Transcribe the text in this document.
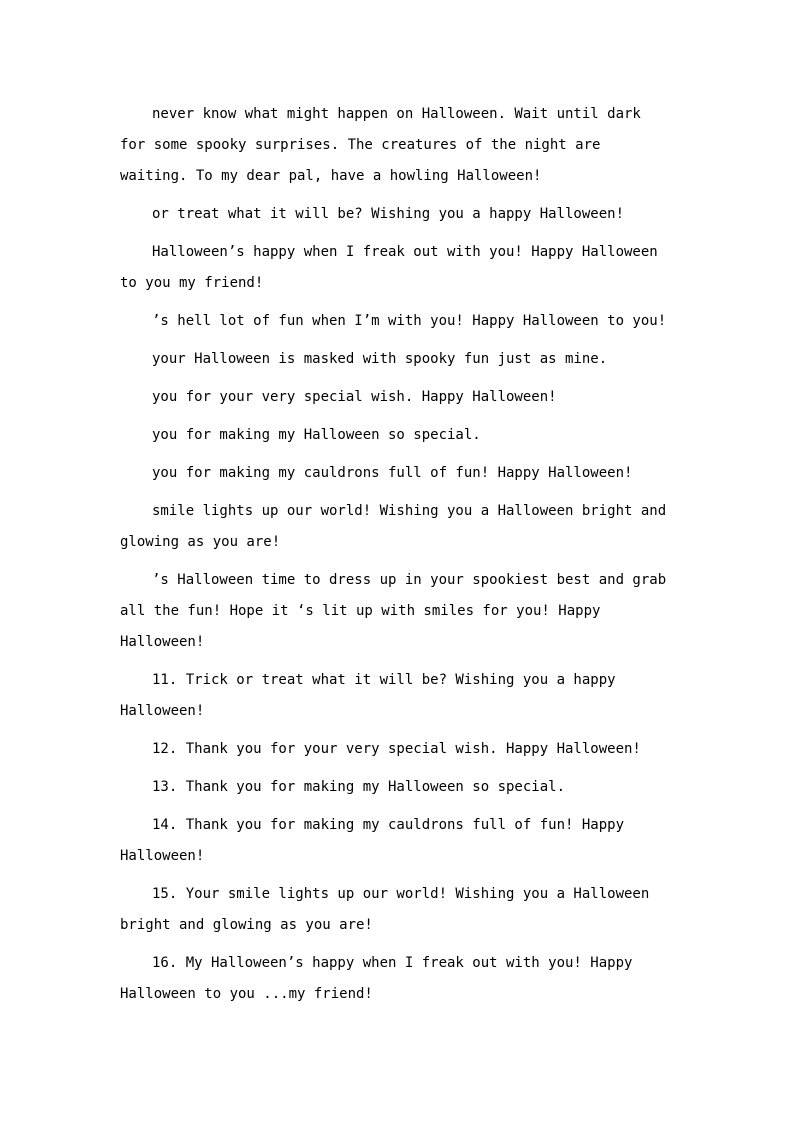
never know what might happen on Halloween. Wait until dark for some spooky surprises. The creatures of the night are waiting. To my dear pal, have a howling Halloween!

or treat what it will be? Wishing you a happy Halloween!

Halloween’s happy when I freak out with you! Happy Halloween to you my friend!

’s hell lot of fun when I’m with you! Happy Halloween to you!

your Halloween is masked with spooky fun just as mine.

you for your very special wish. Happy Halloween!

you for making my Halloween so special.

you for making my cauldrons full of fun! Happy Halloween!

smile lights up our world! Wishing you a Halloween bright and glowing as you are!

’s Halloween time to dress up in your spookiest best and grab all the fun! Hope it ‘s lit up with smiles for you! Happy Halloween!

11. Trick or treat what it will be? Wishing you a happy Halloween!

12. Thank you for your very special wish. Happy Halloween!

13. Thank you for making my Halloween so special.

14. Thank you for making my cauldrons full of fun! Happy Halloween!

15. Your smile lights up our world! Wishing you a Halloween bright and glowing as you are!

16. My Halloween’s happy when I freak out with you! Happy Halloween to you ...my friend!
